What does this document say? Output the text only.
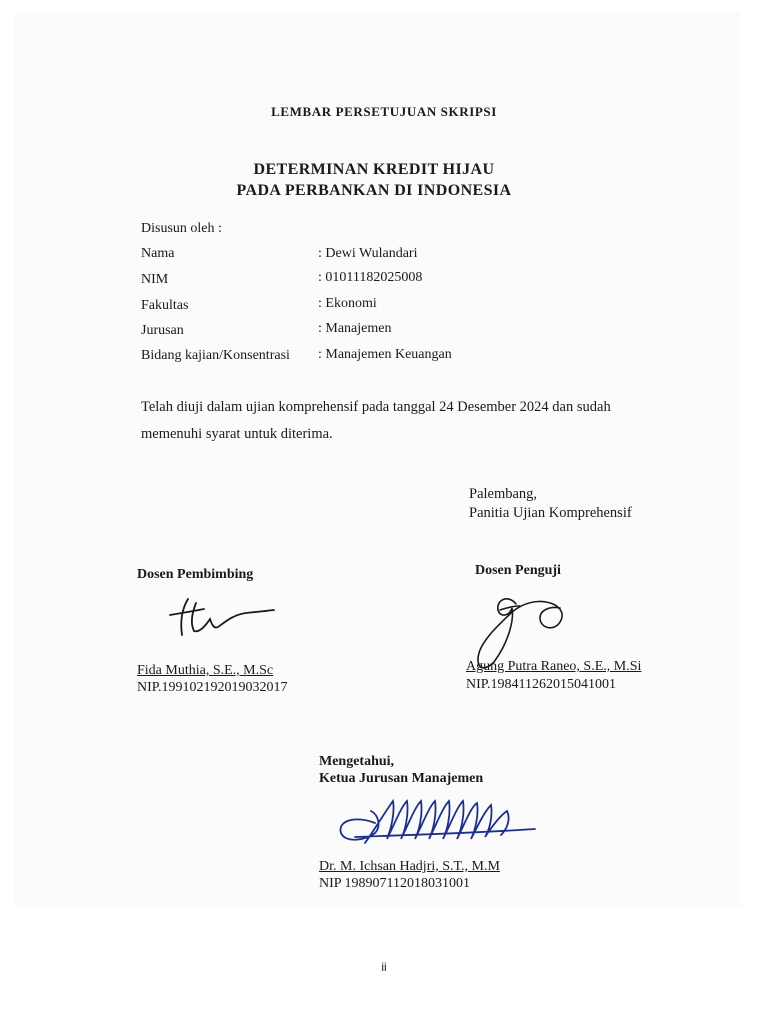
LEMBAR PERSETUJUAN SKRIPSI
DETERMINAN KREDIT HIJAU
PADA PERBANKAN DI INDONESIA
Disusun oleh :
Nama	: Dewi Wulandari
NIM	: 01011182025008
Fakultas	: Ekonomi
Jurusan	: Manajemen
Bidang kajian/Konsentrasi : Manajemen Keuangan
Telah diuji dalam ujian komprehensif pada tanggal 24 Desember 2024 dan sudah
memenuhi syarat untuk diterima.
Palembang,
Panitia Ujian Komprehensif
Dosen Pembimbing	Dosen Penguji
Fida Muthia, S.E., M.Sc
NIP.199102192019032017
Agung Putra Raneo, S.E., M.Si
NIP.198411262015041001
Mengetahui,
Ketua Jurusan Manajemen
Dr. M. Ichsan Hadjri, S.T., M.M
NIP 198907112018031001
ii
